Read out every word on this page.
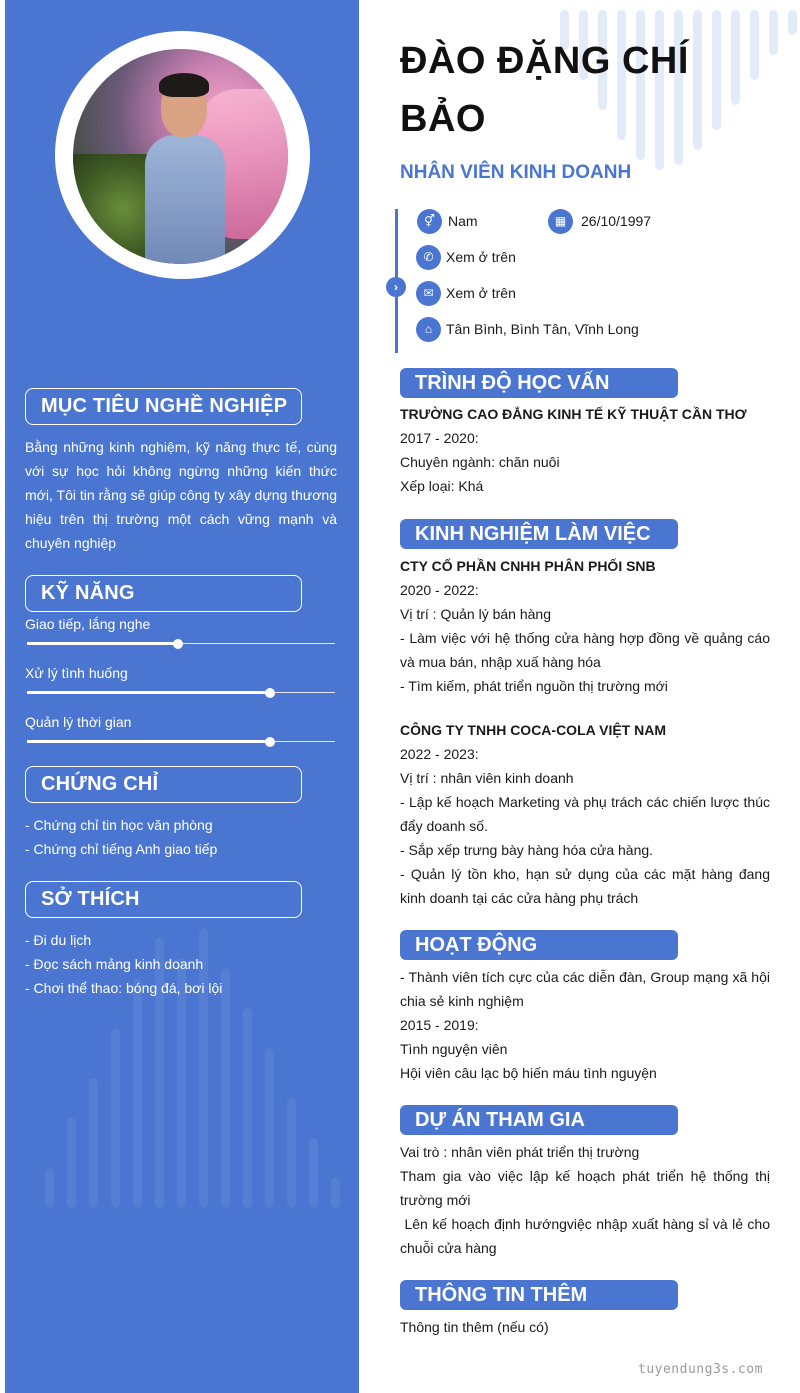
MỤC TIÊU NGHỀ NGHIỆP
Bằng những kinh nghiệm, kỹ năng thực tế, cùng với sự học hỏi không ngừng những kiến thức mới, Tôi tin rằng sẽ giúp công ty xây dựng thương hiệu trên thị trường một cách vững mạnh và chuyên nghiệp
KỸ NĂNG
Giao tiếp, lắng nghe
Xử lý tình huống
Quản lý thời gian
CHỨNG CHỈ
- Chứng chỉ tin học văn phòng
- Chứng chỉ tiếng Anh giao tiếp
SỞ THÍCH
- Đi du lịch
- Đọc sách mảng kinh doanh
- Chơi thể thao: bóng đá, bơi lội
ĐÀO ĐẶNG CHÍ
BẢO
NHÂN VIÊN KINH DOANH
›
⚥ Nam	▦	26/10/1997
✆ Xem ở trên
✉ Xem ở trên
⌂ Tân Bình, Bình Tân, Vĩnh Long
TRÌNH ĐỘ HỌC VẤN
TRƯỜNG CAO ĐẲNG KINH TẾ KỸ THUẬT CẦN THƠ
2017 - 2020:
Chuyên ngành: chăn nuôi
Xếp loại: Khá
KINH NGHIỆM LÀM VIỆC
CTY CỔ PHẦN CNHH PHÂN PHỐI SNB
2020 - 2022:
Vị trí : Quản lý bán hàng
- Làm việc với hệ thống cửa hàng hợp đồng về quảng cáo và mua bán, nhập xuấ hàng hóa
- Tìm kiếm, phát triển nguồn thị trường mới
CÔNG TY TNHH COCA-COLA VIỆT NAM
2022 - 2023:
Vị trí : nhân viên kinh doanh
- Lập kế hoạch Marketing và phụ trách các chiến lược thúc đẩy doanh số.
- Sắp xếp trưng bày hàng hóa cửa hàng.
- Quản lý tồn kho, hạn sử dụng của các mặt hàng đang kinh doanh tại các cửa hàng phụ trách
HOẠT ĐỘNG
- Thành viên tích cực của các diễn đàn, Group mạng xã hội chia sẻ kinh nghiệm
2015 - 2019:
Tình nguyện viên
Hội viên câu lạc bộ hiến máu tình nguyện
DỰ ÁN THAM GIA
Vai trò : nhân viên phát triển thị trường
Tham gia vào việc lập kế hoạch phát triển hệ thống thị trường mới
Lên kế hoạch định hướngviệc nhập xuất hàng sỉ và lẻ cho chuỗi cửa hàng
THÔNG TIN THÊM
Thông tin thêm (nếu có)
tuyendung3s.com
